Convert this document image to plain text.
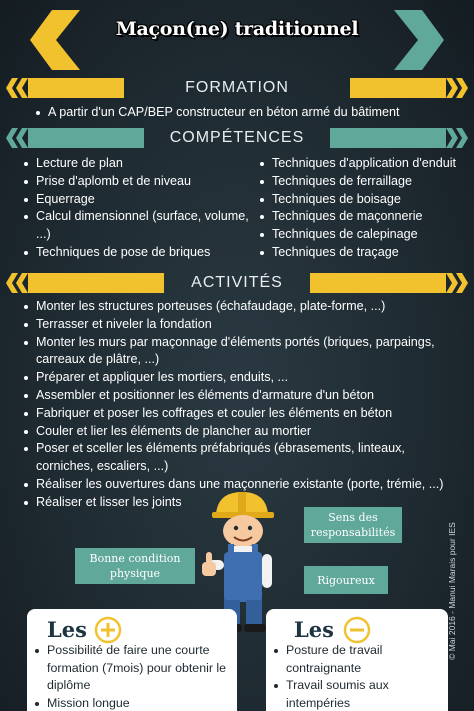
Maçon(ne) traditionnel
FORMATION
A partir d'un CAP/BEP constructeur en béton armé du bâtiment
COMPÉTENCES
Lecture de plan
Prise d'aplomb et de niveau
Equerrage
Calcul dimensionnel (surface, volume, ...)
Techniques de pose de briques
Techniques d'application d'enduit
Techniques de ferraillage
Techniques de boisage
Techniques de maçonnerie
Techniques de calepinage
Techniques de traçage
ACTIVITÉS
Monter les structures porteuses (échafaudage, plate-forme, ...)
Terrasser et niveler la fondation
Monter les murs par maçonnage d'éléments portés (briques, parpaings, carreaux de plâtre, ...)
Préparer et appliquer les mortiers, enduits, ...
Assembler et positionner les éléments d'armature d'un béton
Fabriquer et poser les coffrages et couler les éléments en béton
Couler et lier les éléments de plancher au mortier
Poser et sceller les éléments préfabriqués (ébrasements, linteaux, corniches, escaliers, ...)
Réaliser les ouvertures dans une maçonnerie existante (porte, trémie, ...)
Réaliser et lisser les joints
Sens des responsabilités
Bonne condition physique	Rigoureux
Les
Possibilité de faire une courte formation (7mois) pour obtenir le diplôme
Mission longue
Les
Posture de travail contraignante
Travail soumis aux intempéries
© Mai 2016 - Manui Marais pour IES
